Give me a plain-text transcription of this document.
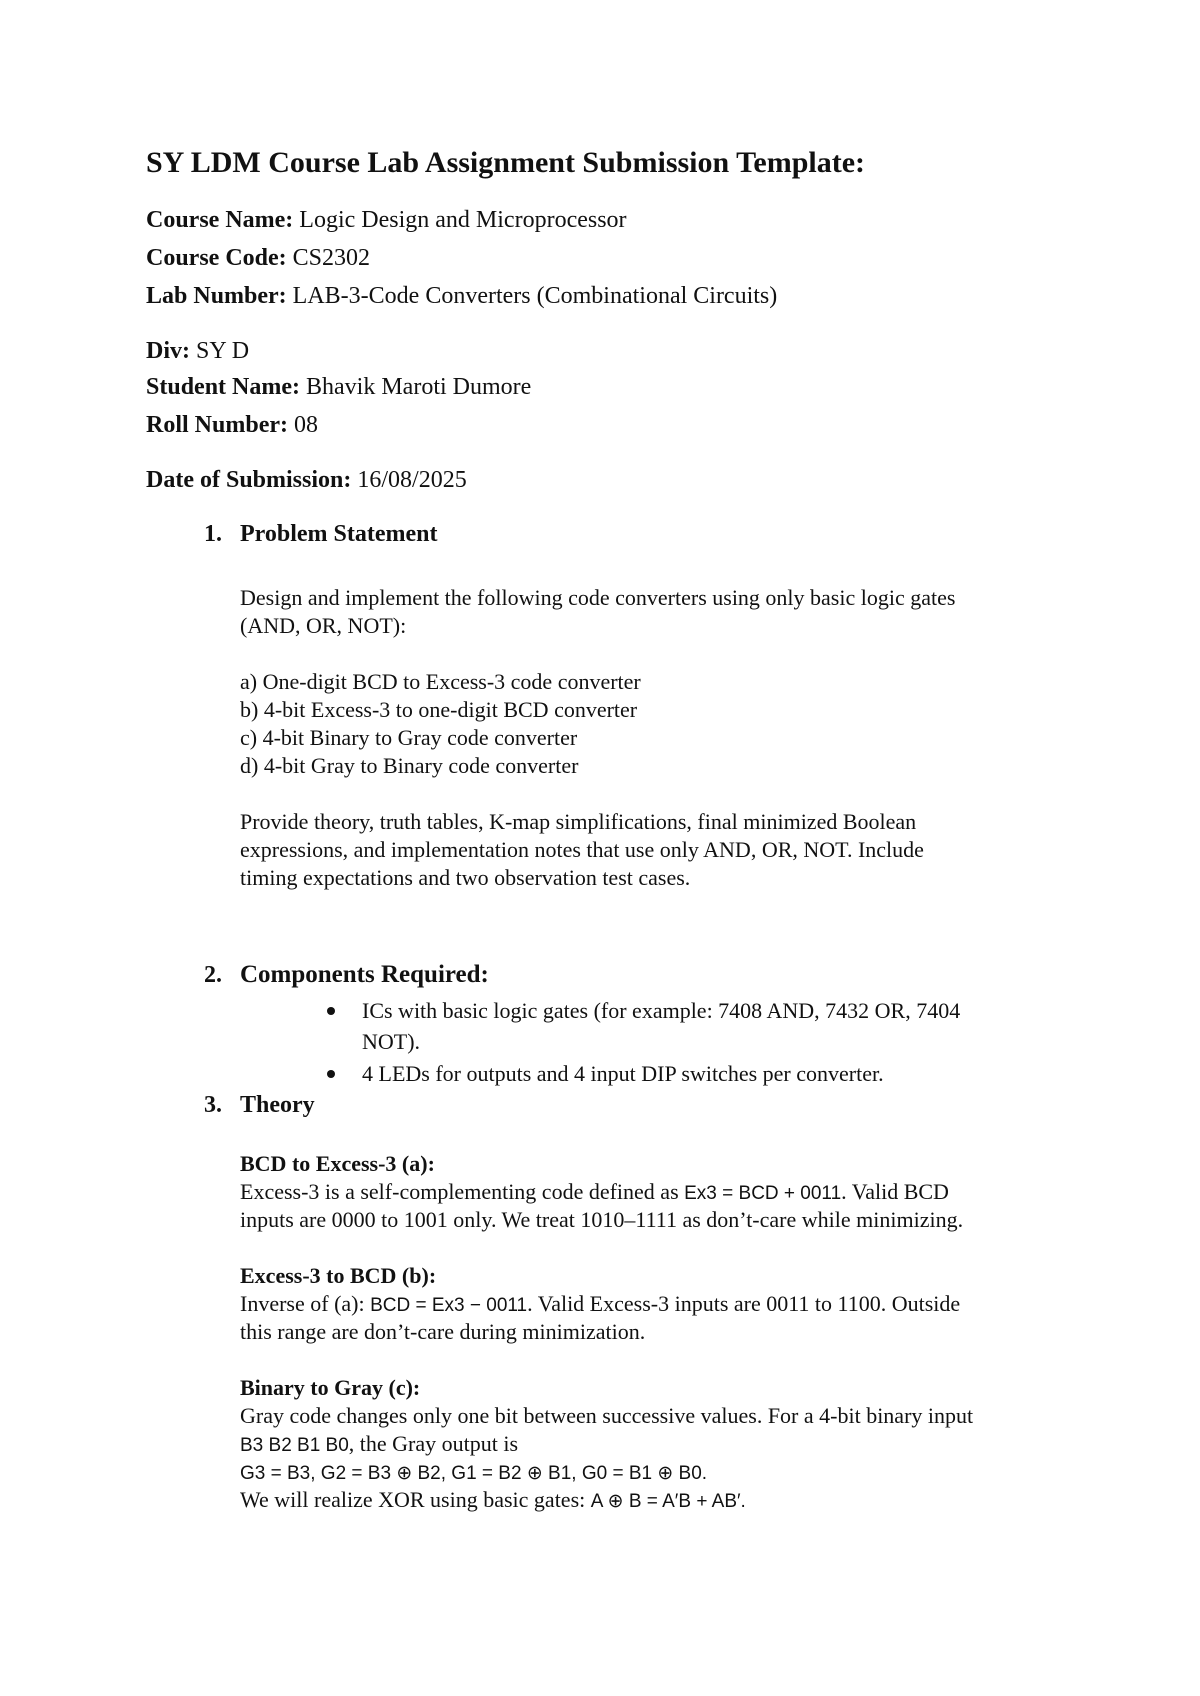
SY LDM Course Lab Assignment Submission Template:
Course Name: Logic Design and Microprocessor
Course Code: CS2302
Lab Number: LAB-3-Code Converters (Combinational Circuits)
Div: SY D
Student Name: Bhavik Maroti Dumore
Roll Number: 08
Date of Submission: 16/08/2025
1. Problem Statement
Design and implement the following code converters using only basic logic gates
(AND, OR, NOT):
a) One-digit BCD to Excess-3 code converter
b) 4-bit Excess-3 to one-digit BCD converter
c) 4-bit Binary to Gray code converter
d) 4-bit Gray to Binary code converter
Provide theory, truth tables, K-map simplifications, final minimized Boolean
expressions, and implementation notes that use only AND, OR, NOT. Include
timing expectations and two observation test cases.
2. Components Required:
ICs with basic logic gates (for example: 7408 AND, 7432 OR, 7404
NOT).
4 LEDs for outputs and 4 input DIP switches per converter.
3. Theory
BCD to Excess-3 (a):
Excess-3 is a self-complementing code defined as Ex3 = BCD + 0011. Valid BCD
inputs are 0000 to 1001 only. We treat 1010–1111 as don’t-care while minimizing.
Excess-3 to BCD (b):
Inverse of (a): BCD = Ex3 − 0011. Valid Excess-3 inputs are 0011 to 1100. Outside
this range are don’t-care during minimization.
Binary to Gray (c):
Gray code changes only one bit between successive values. For a 4-bit binary input
B3 B2 B1 B0, the Gray output is
G3 = B3, G2 = B3 ⊕ B2, G1 = B2 ⊕ B1, G0 = B1 ⊕ B0.
We will realize XOR using basic gates: A ⊕ B = A′B + AB′.
